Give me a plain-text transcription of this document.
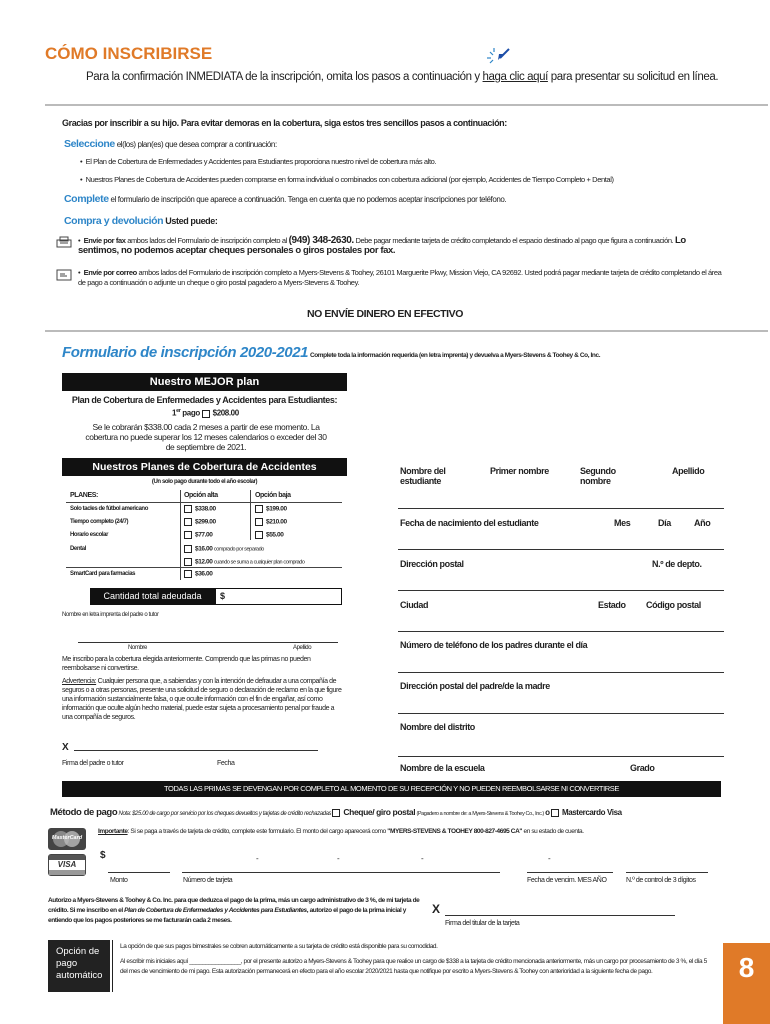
CÓMO INSCRIBIRSE
Para la confirmación INMEDIATA de la inscripción, omita los pasos a continuación y haga clic aquí para presentar su solicitud en línea.
Gracias por inscribir a su hijo. Para evitar demoras en la cobertura, siga estos tres sencillos pasos a continuación:
Seleccione el(los) plan(es) que desea comprar a continuación:
•  El Plan de Cobertura de Enfermedades y Accidentes para Estudiantes proporciona nuestro nivel de cobertura más alto.
•  Nuestros Planes de Cobertura de Accidentes pueden comprarse en forma individual o combinados con cobertura adicional (por ejemplo, Accidentes de Tiempo Completo + Dental)
Complete el formulario de inscripción que aparece a continuación. Tenga en cuenta que no podemos aceptar inscripciones por teléfono.
Compra y devolución Usted puede:
•  Envíe por fax ambos lados del Formulario de inscripción completo al (949) 348-2630. Debe pagar mediante tarjeta de crédito completando el espacio destinado al pago que figura a continuación. Lo sentimos, no podemos aceptar cheques personales o giros postales por fax.
•  Envíe por correo ambos lados del Formulario de inscripción completo a Myers-Stevens & Toohey, 26101 Marguerite Pkwy, Mission Viejo, CA 92692. Usted podrá pagar mediante tarjeta de crédito completando el área de pago a continuación o adjunte un cheque o giro postal pagadero a Myers-Stevens & Toohey.
NO ENVÍE DINERO EN EFECTIVO
Formulario de inscripción 2020-2021 Complete toda la información requerida (en letra imprenta) y devuelva a Myers-Stevens & Toohey & Co, Inc.
Nuestro MEJOR plan
Plan de Cobertura de Enfermedades y Accidentes para Estudiantes:
1er pago $208.00
Se le cobrarán $338.00 cada 2 meses a partir de ese momento. La cobertura no puede superar los 12 meses calendarios o exceder del 30 de septiembre de 2021.
Nuestros Planes de Cobertura de Accidentes
(Un solo pago durante todo el año escolar)
PLANES:	Opción alta	Opción baja
Solo tacles de fútbol americano	$338.00	$199.00
Tiempo completo (24/7)	$299.00	$210.00
Horario escolar	$77.00	$55.00
Dental	$16.00 comprado por separado
$12.00 cuando se suma a cualquier plan comprado
SmartCard para farmacias	$36.00
Cantidad total adeudada	$
Nombre en letra imprenta del padre o tutor
Nombre	Apellido
Me inscribo para la cobertura elegida anteriormente. Comprendo que las primas no pueden reembolsarse ni convertirse.
Advertencia: Cualquier persona que, a sabiendas y con la intención de defraudar a una compañía de seguros o a otras personas, presente una solicitud de seguro o declaración de reclamo en la que figure una información sustancialmente falsa, o que oculte información con el fin de engañar, así como información que oculte algún hecho material, puede estar sujeta a procesamiento penal por fraude a una compañía de seguros.
X
Firma del padre o tutor	Fecha
Nombre del estudiante
Primer nombre	Segundo nombre
Apellido
Fecha de nacimiento del estudiante	Mes	Día	Año
Dirección postal	N.º de depto.
Ciudad	Estado Código postal
Número de teléfono de los padres durante el día
Dirección postal del padre/de la madre
Nombre del distrito
Nombre de la escuela	Grado
TODAS LAS PRIMAS SE DEVENGAN POR COMPLETO AL MOMENTO DE SU RECEPCIÓN Y NO PUEDEN REEMBOLSARSE NI CONVERTIRSE
Método de pago Nota: $25.00 de cargo por servicio por los cheques devueltos y tarjetas de crédito rechazadas Cheque/ giro postal (Pagadero a nombre de: a Myers-Stevens & Toohey Co., Inc.) o Mastercardo Visa
MasterCard
VISA
Importante: Si se paga a través de tarjeta de crédito, complete este formulario. El monto del cargo aparecerá como "MYERS-STEVENS & TOOHEY 800-827-4695 CA" en su estado de cuenta.
$	-	-	-	-
Monto	Número de tarjeta	Fecha de vencim. MES AÑO	N.º de control de 3 dígitos
Autorizo a Myers-Stevens & Toohey & Co. Inc. para que deduzca el pago de la prima, más un cargo administrativo de 3 %, de mi tarjeta de crédito. Si me inscribo en el Plan de Cobertura de Enfermedades y Accidentes para Estudiantes, autorizo el pago de la prima inicial y entiendo que los pagos posteriores se me facturarán cada 2 meses.
X
Firma del titular de la tarjeta
Opción de pago automático
La opción de que sus pagos bimestrales se cobren automáticamente a su tarjeta de crédito está disponible para su comodidad.
Al escribir mis iniciales aquí ________________, por el presente autorizo a Myers-Stevens & Toohey para que realice un cargo de $338 a la tarjeta de crédito mencionada anteriormente, más un cargo por procesamiento de 3 %, el día 5 del mes de vencimiento de mi pago. Esta autorización permanecerá en efecto para el año escolar 2020/2021 hasta que notifique por escrito a Myers-Stevens & Toohey con anterioridad a la siguiente fecha de pago.	8
